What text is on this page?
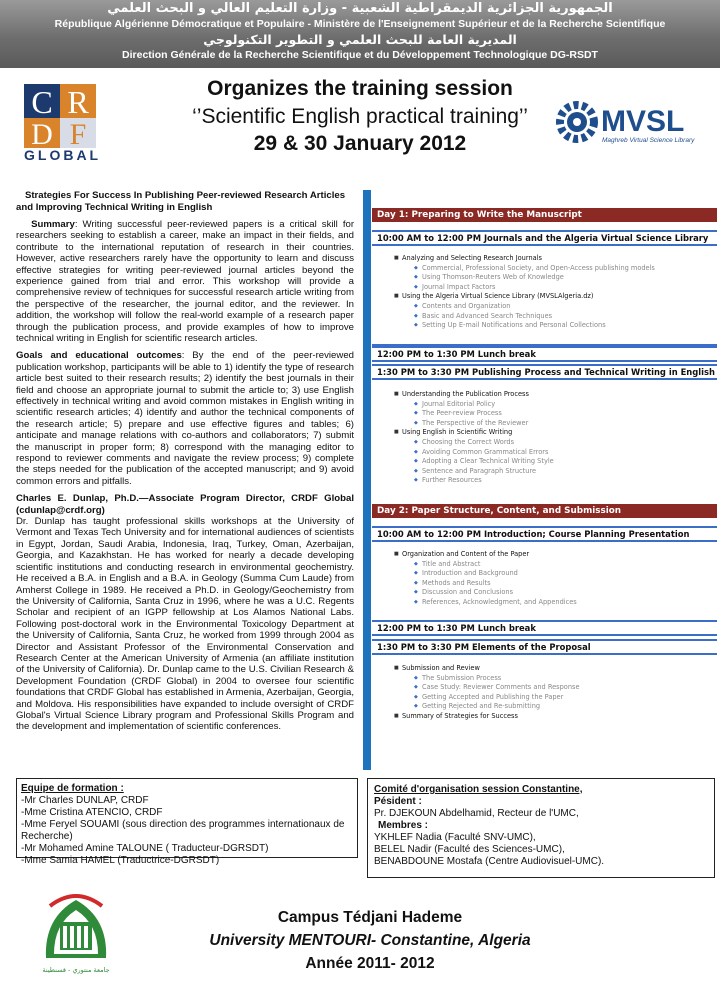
الجمهورية الجزائرية الديمقراطية الشعبية - وزارة التعليم العالي و البحث العلمي
République Algérienne Démocratique et Populaire - Ministère de l'Enseignement Supérieur et de la Recherche Scientifique
المديرية العامة للبحث العلمي و التطوير التكنولوجي
Direction Générale de la Recherche Scientifique et du Développement Technologique DG-RSDT
C R
D F
GLOBAL
Organizes the training session
‘’Scientific English practical training’’
29 & 30 January 2012
MVSL
Maghreb Virtual Science Library
Strategies For Success In Publishing Peer-reviewed Research Articles
and Improving Technical Writing in English

Summary: Writing successful peer-reviewed papers is a critical skill for researchers seeking to establish a career, make an impact in their fields, and contribute to the international reputation of research in their countries. However, active researchers rarely have the opportunity to learn and discuss effective strategies for writing peer-reviewed journal articles beyond the experience gained from trial and error. This workshop will provide a comprehensive review of techniques for successful research article writing from the perspective of the researcher, the journal editor, and the reviewer. In addition, the workshop will follow the real-world example of a research paper through the publication process, and provide examples of how to improve technical writing in English for scientific research articles.

Goals and educational outcomes: By the end of the peer-reviewed publication workshop, participants will be able to 1) identify the type of research article best suited to their research results; 2) identify the best journals in their field and choose an appropriate journal to submit the article to; 3) use English effectively in technical writing and avoid common mistakes in English writing in scientific research articles; 4) identify and author the technical components of the research article; 5) prepare and use effective figures and tables; 6) anticipate and manage relations with co-authors and collaborators; 7) submit the manuscript in proper form; 8) correspond with the managing editor to respond to reviewer comments and navigate the review process; 9) complete the steps needed for the publication of the accepted manuscript; and 9) avoid common errors and pitfalls.

Charles E. Dunlap, Ph.D.—Associate Program Director, CRDF Global (cdunlap@crdf.org)

Dr. Dunlap has taught professional skills workshops at the University of Vermont and Texas Tech University and for international audiences of scientists in Egypt, Jordan, Saudi Arabia, Indonesia, Iraq, Turkey, Oman, Azerbaijan, Georgia, and Kazakhstan. He has worked for nearly a decade developing scientific institutions and conducting research in environmental geochemistry. He received a B.A. in English and a B.A. in Geology (Summa Cum Laude) from Amherst College in 1989. He received a Ph.D. in Geology/Geochemistry from the University of California, Santa Cruz in 1996, where he was a U.C. Regents Scholar and recipient of an IGPP fellowship at Los Alamos National Labs. Following post-doctoral work in the Environmental Toxicology Department at the University of California, Santa Cruz, he worked from 1999 through 2004 as Director and Assistant Professor of the Environmental Conservation and Research Center at the American University of Armenia (an affiliate institution of the University of California). Dr. Dunlap came to the U.S. Civilian Research & Development Foundation (CRDF Global) in 2004 to oversee four scientific foundations that CRDF Global has established in Armenia, Azerbaijan, Georgia, and Moldova. His responsibilities have expanded to include oversight of CRDF Global's Virtual Science Library program and Professional Skills Program and the development and implementation of scientific conferences.
Day 1: Preparing to Write the Manuscript
10:00 AM to 12:00 PM Journals and the Algeria Virtual Science Library
■ Analyzing and Selecting Research Journals
◆ Commercial, Professional Society, and Open-Access publishing models
◆ Using Thomson-Reuters Web of Knowledge
◆ Journal Impact Factors
■ Using the Algeria Virtual Science Library (MVSLAlgeria.dz)
◆ Contents and Organization
◆ Basic and Advanced Search Techniques
◆ Setting Up E-mail Notifications and Personal Collections
12:00 PM to 1:30 PM Lunch break
1:30 PM to 3:30 PM Publishing Process and Technical Writing in English
■ Understanding the Publication Process
◆ Journal Editorial Policy
◆ The Peer-review Process
◆ The Perspective of the Reviewer
■ Using English in Scientific Writing
◆ Choosing the Correct Words
◆ Avoiding Common Grammatical Errors
◆ Adopting a Clear Technical Writing Style
◆ Sentence and Paragraph Structure
◆ Further Resources
Day 2: Paper Structure, Content, and Submission
10:00 AM to 12:00 PM Introduction; Course Planning Presentation
■ Organization and Content of the Paper
◆ Title and Abstract
◆ Introduction and Background
◆ Methods and Results
◆ Discussion and Conclusions
◆ References, Acknowledgment, and Appendices
12:00 PM to 1:30 PM Lunch break
1:30 PM to 3:30 PM Elements of the Proposal
■ Submission and Review
◆ The Submission Process
◆ Case Study: Reviewer Comments and Response
◆ Getting Accepted and Publishing the Paper
◆ Getting Rejected and Re-submitting
■ Summary of Strategies for Success
Equipe de formation :
-Mr Charles DUNLAP, CRDF
-Mme Cristina ATENCIO, CRDF
-Mme Feryel SOUAMI (sous direction des programmes internationaux de Recherche)
-Mr Mohamed Amine TALOUNE ( Traducteur-DGRSDT)
-Mme Samia HAMEL (Traductrice-DGRSDT)
Comité d'organisation session Constantine,
Pésident :
Pr. DJEKOUN Abdelhamid, Recteur de l'UMC,
Membres :
YKHLEF Nadia (Faculté SNV-UMC),
BELEL Nadir (Faculté des Sciences-UMC),
BENABDOUNE Mostafa (Centre Audiovisuel-UMC).
جامعة منتوري - قسنطينة
Campus Tédjani Hademe
University MENTOURI- Constantine, Algeria
Année 2011- 2012
